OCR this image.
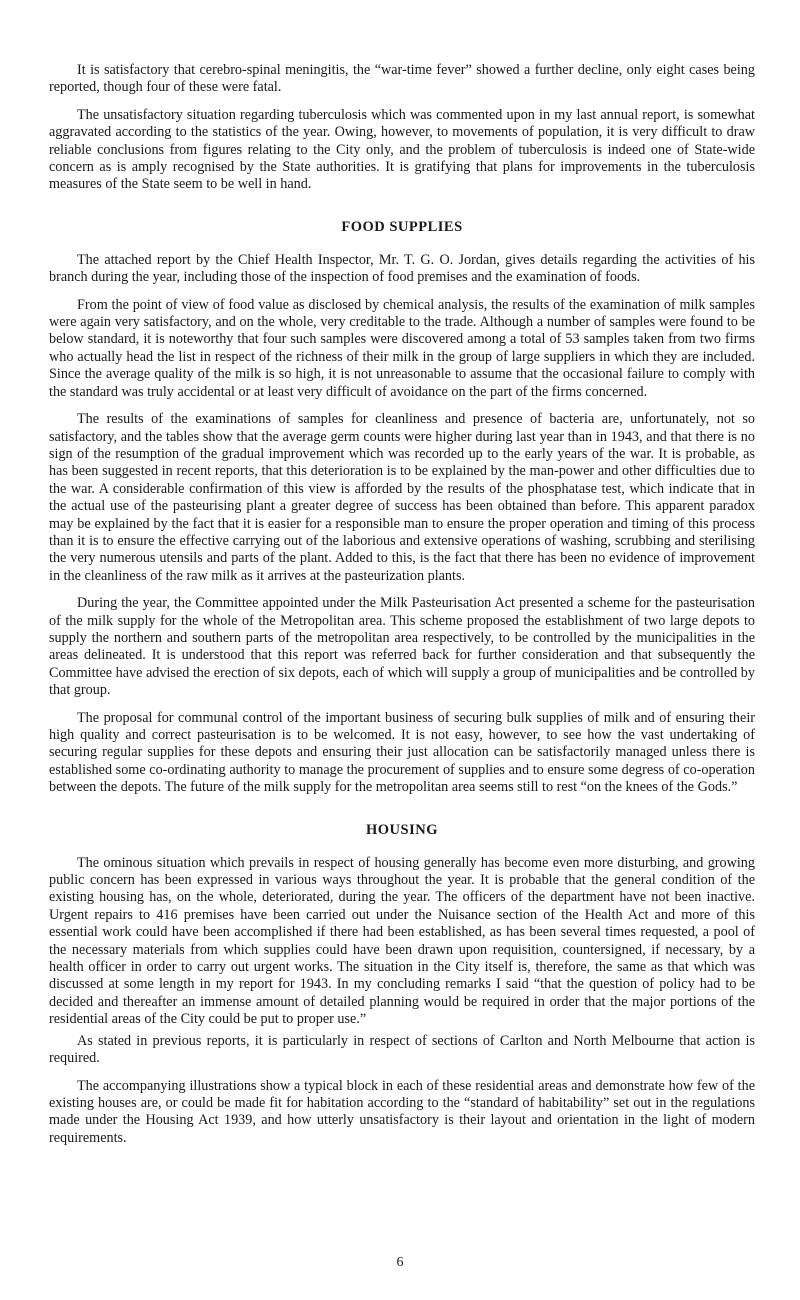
It is satisfactory that cerebro-spinal meningitis, the “war-time fever” showed a further decline, only eight cases being reported, though four of these were fatal.

The unsatisfactory situation regarding tuberculosis which was commented upon in my last annual report, is somewhat aggravated according to the statistics of the year. Owing, however, to movements of population, it is very difficult to draw reliable conclusions from figures relating to the City only, and the problem of tuberculosis is indeed one of State-wide concern as is amply recognised by the State authorities. It is gratifying that plans for improvements in the tuberculosis measures of the State seem to be well in hand.

FOOD SUPPLIES

The attached report by the Chief Health Inspector, Mr. T. G. O. Jordan, gives details regarding the activities of his branch during the year, including those of the inspection of food premises and the examination of foods.

From the point of view of food value as disclosed by chemical analysis, the results of the examination of milk samples were again very satisfactory, and on the whole, very creditable to the trade. Although a number of samples were found to be below standard, it is noteworthy that four such samples were discovered among a total of 53 samples taken from two firms who actually head the list in respect of the richness of their milk in the group of large suppliers in which they are included. Since the average quality of the milk is so high, it is not unreasonable to assume that the occasional failure to comply with the standard was truly accidental or at least very difficult of avoidance on the part of the firms concerned.

The results of the examinations of samples for cleanliness and presence of bacteria are, unfortunately, not so satisfactory, and the tables show that the average germ counts were higher during last year than in 1943, and that there is no sign of the resumption of the gradual improvement which was recorded up to the early years of the war. It is probable, as has been suggested in recent reports, that this deterioration is to be explained by the man-power and other difficulties due to the war. A considerable confirmation of this view is afforded by the results of the phosphatase test, which indicate that in the actual use of the pasteurising plant a greater degree of success has been obtained than before. This apparent paradox may be explained by the fact that it is easier for a responsible man to ensure the proper operation and timing of this process than it is to ensure the effective carrying out of the laborious and extensive operations of washing, scrubbing and sterilising the very numerous utensils and parts of the plant. Added to this, is the fact that there has been no evidence of improvement in the cleanliness of the raw milk as it arrives at the pasteurization plants.

During the year, the Committee appointed under the Milk Pasteurisation Act presented a scheme for the pasteurisation of the milk supply for the whole of the Metropolitan area. This scheme proposed the establishment of two large depots to supply the northern and southern parts of the metropolitan area respectively, to be controlled by the municipalities in the areas delineated. It is understood that this report was referred back for further consideration and that subsequently the Committee have advised the erection of six depots, each of which will supply a group of municipalities and be controlled by that group.

The proposal for communal control of the important business of securing bulk supplies of milk and of ensuring their high quality and correct pasteurisation is to be welcomed. It is not easy, however, to see how the vast undertaking of securing regular supplies for these depots and ensuring their just allocation can be satisfactorily managed unless there is established some co-ordinating authority to manage the procurement of supplies and to ensure some degress of co-operation between the depots. The future of the milk supply for the metropolitan area seems still to rest “on the knees of the Gods.”

HOUSING

The ominous situation which prevails in respect of housing generally has become even more disturbing, and growing public concern has been expressed in various ways throughout the year. It is probable that the general condition of the existing housing has, on the whole, deteriorated, during the year. The officers of the department have not been inactive. Urgent repairs to 416 premises have been carried out under the Nuisance section of the Health Act and more of this essential work could have been accomplished if there had been established, as has been several times requested, a pool of the necessary materials from which supplies could have been drawn upon requisition, countersigned, if necessary, by a health officer in order to carry out urgent works. The situation in the City itself is, therefore, the same as that which was discussed at some length in my report for 1943. In my concluding remarks I said “that the question of policy had to be decided and thereafter an immense amount of detailed planning would be required in order that the major portions of the residential areas of the City could be put to proper use.”

As stated in previous reports, it is particularly in respect of sections of Carlton and North Melbourne that action is required.

The accompanying illustrations show a typical block in each of these residential areas and demonstrate how few of the existing houses are, or could be made fit for habitation according to the “standard of habitability” set out in the regulations made under the Housing Act 1939, and how utterly unsatisfactory is their layout and orientation in the light of modern requirements.

6
